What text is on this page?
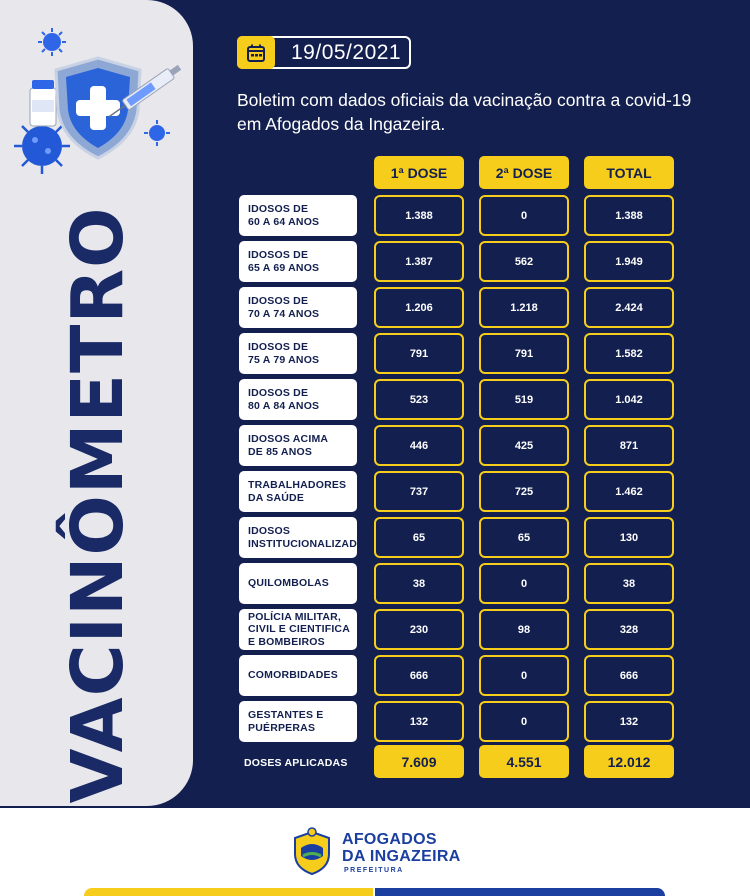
VACINÔMETRO
19/05/2021
Boletim com dados oficiais da vacinação contra a covid-19 em Afogados da Ingazeira.
1ª DOSE	2ª DOSE	TOTAL
IDOSOS DE
60 A 64 ANOS	1.388	0	1.388
IDOSOS DE
65 A 69 ANOS	1.387	562	1.949
IDOSOS DE
70 A 74 ANOS	1.206	1.218	2.424
IDOSOS DE
75 A 79 ANOS	791	791	1.582
IDOSOS DE
80 A 84 ANOS	523	519	1.042
IDOSOS ACIMA
DE 85 ANOS	446	425	871
TRABALHADORES
DA SAÚDE	737	725	1.462
IDOSOS
INSTITUCIONALIZADOS	65	65	130
QUILOMBOLAS	38	0	38
POLÍCIA MILITAR,
CIVIL E CIENTIFICA
E BOMBEIROS
230	98	328
COMORBIDADES	666	0	666
GESTANTES E
PUÉRPERAS	132	0	132
DOSES APLICADAS	7.609	4.551	12.012
AFOGADOS
DA INGAZEIRA
PREFEITURA
